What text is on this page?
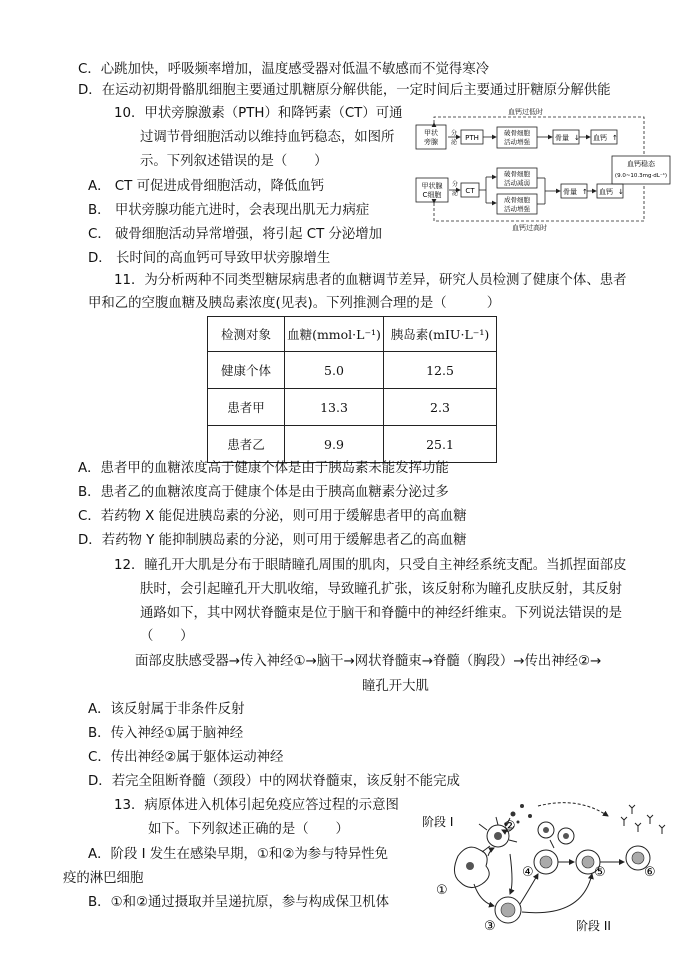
C．心跳加快，呼吸频率增加，温度感受器对低温不敏感而不觉得寒冷
D．在运动初期骨骼肌细胞主要通过肌糖原分解供能，一定时间后主要通过肝糖原分解供能
10．甲状旁腺激素（PTH）和降钙素（CT）可通
过调节骨细胞活动以维持血钙稳态，如图所
示。下列叙述错误的是（　　）
A． CT 可促进成骨细胞活动，降低血钙
B． 甲状旁腺功能亢进时，会表现出肌无力病症
C． 破骨细胞活动异常增强，将引起 CT 分泌增加
D． 长时间的高血钙可导致甲状旁腺增生
血钙过低时
血钙过高时
甲状
旁腺
分
泌
PTH
破骨细胞
活动增强	骨量 ↓ 血钙 ↑
血钙稳态
(9.0~10.3mg·dL⁻¹)
甲状腺
C细胞
分
泌 CT
破骨细胞
活动减弱
成骨细胞
活动增强
骨量 ↑ 血钙 ↓
11．为分析两种不同类型糖尿病患者的血糖调节差异，研究人员检测了健康个体、患者
甲和乙的空腹血糖及胰岛素浓度(见表)。下列推测合理的是（　　　）
检测对象	血糖(mmol·L⁻¹)	胰岛素(mIU·L⁻¹)
健康个体	5.0	12.5
患者甲	13.3	2.3
患者乙	9.9	25.1
A．患者甲的血糖浓度高于健康个体是由于胰岛素未能发挥功能
B．患者乙的血糖浓度高于健康个体是由于胰高血糖素分泌过多
C．若药物 X 能促进胰岛素的分泌，则可用于缓解患者甲的高血糖
D．若药物 Y 能抑制胰岛素的分泌，则可用于缓解患者乙的高血糖
12．瞳孔开大肌是分布于眼睛瞳孔周围的肌肉，只受自主神经系统支配。当抓捏面部皮
肤时，会引起瞳孔开大肌收缩，导致瞳孔扩张，该反射称为瞳孔皮肤反射，其反射
通路如下，其中网状脊髓束是位于脑干和脊髓中的神经纤维束。下列说法错误的是
（　　）
面部皮肤感受器→传入神经①→脑干→网状脊髓束→脊髓（胸段）→传出神经②→
瞳孔开大肌
A．该反射属于非条件反射
B．传入神经①属于脑神经
C．传出神经②属于躯体运动神经
D．若完全阻断脊髓（颈段）中的网状脊髓束，该反射不能完成
13．病原体进入机体引起免疫应答过程的示意图
如下。下列叙述正确的是（　　）
A．阶段 I 发生在感染早期，①和②为参与特异性免
疫的淋巴细胞
B．①和②通过摄取并呈递抗原，参与构成保卫机体
阶段 I
阶段 II
①
②
③
④	⑤	⑥
